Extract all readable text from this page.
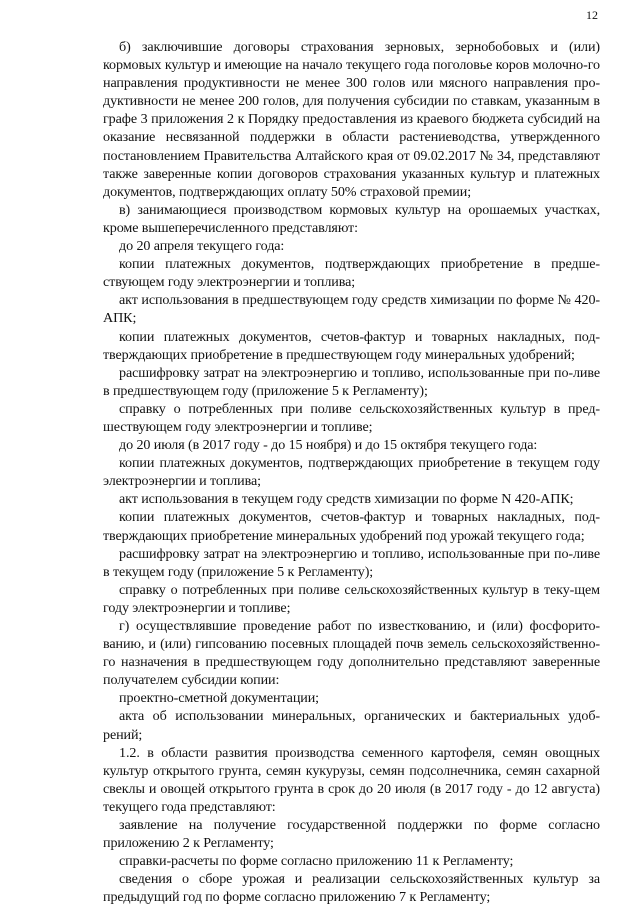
12

б) заключившие договоры страхования зерновых, зернобобовых и (или) кормовых культур и имеющие на начало текущего года поголовье коров молочно-го направления продуктивности не менее 300 голов или мясного направления про-дуктивности не менее 200 голов, для получения субсидии по ставкам, указанным в графе 3 приложения 2 к Порядку предоставления из краевого бюджета субсидий на оказание несвязанной поддержки в области растениеводства, утвержденного постановлением Правительства Алтайского края от 09.02.2017 № 34, представляют также заверенные копии договоров страхования указанных культур и платежных документов, подтверждающих оплату 50% страховой премии;

в) занимающиеся производством кормовых культур на орошаемых участках, кроме вышеперечисленного представляют:

до 20 апреля текущего года:

копии платежных документов, подтверждающих приобретение в предше-ствующем году электроэнергии и топлива;

акт использования в предшествующем году средств химизации по форме № 420-АПК;

копии платежных документов, счетов-фактур и товарных накладных, под-тверждающих приобретение в предшествующем году минеральных удобрений;

расшифровку затрат на электроэнергию и топливо, использованные при по-ливе в предшествующем году (приложение 5 к Регламенту);

справку о потребленных при поливе сельскохозяйственных культур в пред-шествующем году электроэнергии и топливе;

до 20 июля (в 2017 году - до 15 ноября) и до 15 октября текущего года:

копии платежных документов, подтверждающих приобретение в текущем году электроэнергии и топлива;

акт использования в текущем году средств химизации по форме N 420-АПК;

копии платежных документов, счетов-фактур и товарных накладных, под-тверждающих приобретение минеральных удобрений под урожай текущего года;

расшифровку затрат на электроэнергию и топливо, использованные при по-ливе в текущем году (приложение 5 к Регламенту);

справку о потребленных при поливе сельскохозяйственных культур в теку-щем году электроэнергии и топливе;

г) осуществлявшие проведение работ по известкованию, и (или) фосфорито-ванию, и (или) гипсованию посевных площадей почв земель сельскохозяйственно-го назначения в предшествующем году дополнительно представляют заверенные получателем субсидии копии:

проектно-сметной документации;

акта об использовании минеральных, органических и бактериальных удоб-рений;

1.2. в области развития производства семенного картофеля, семян овощных культур открытого грунта, семян кукурузы, семян подсолнечника, семян сахарной свеклы и овощей открытого грунта в срок до 20 июля (в 2017 году - до 12 августа) текущего года представляют:

заявление на получение государственной поддержки по форме согласно приложению 2 к Регламенту;

справки-расчеты по форме согласно приложению 11 к Регламенту;

сведения о сборе урожая и реализации сельскохозяйственных культур за предыдущий год по форме согласно приложению 7 к Регламенту;
